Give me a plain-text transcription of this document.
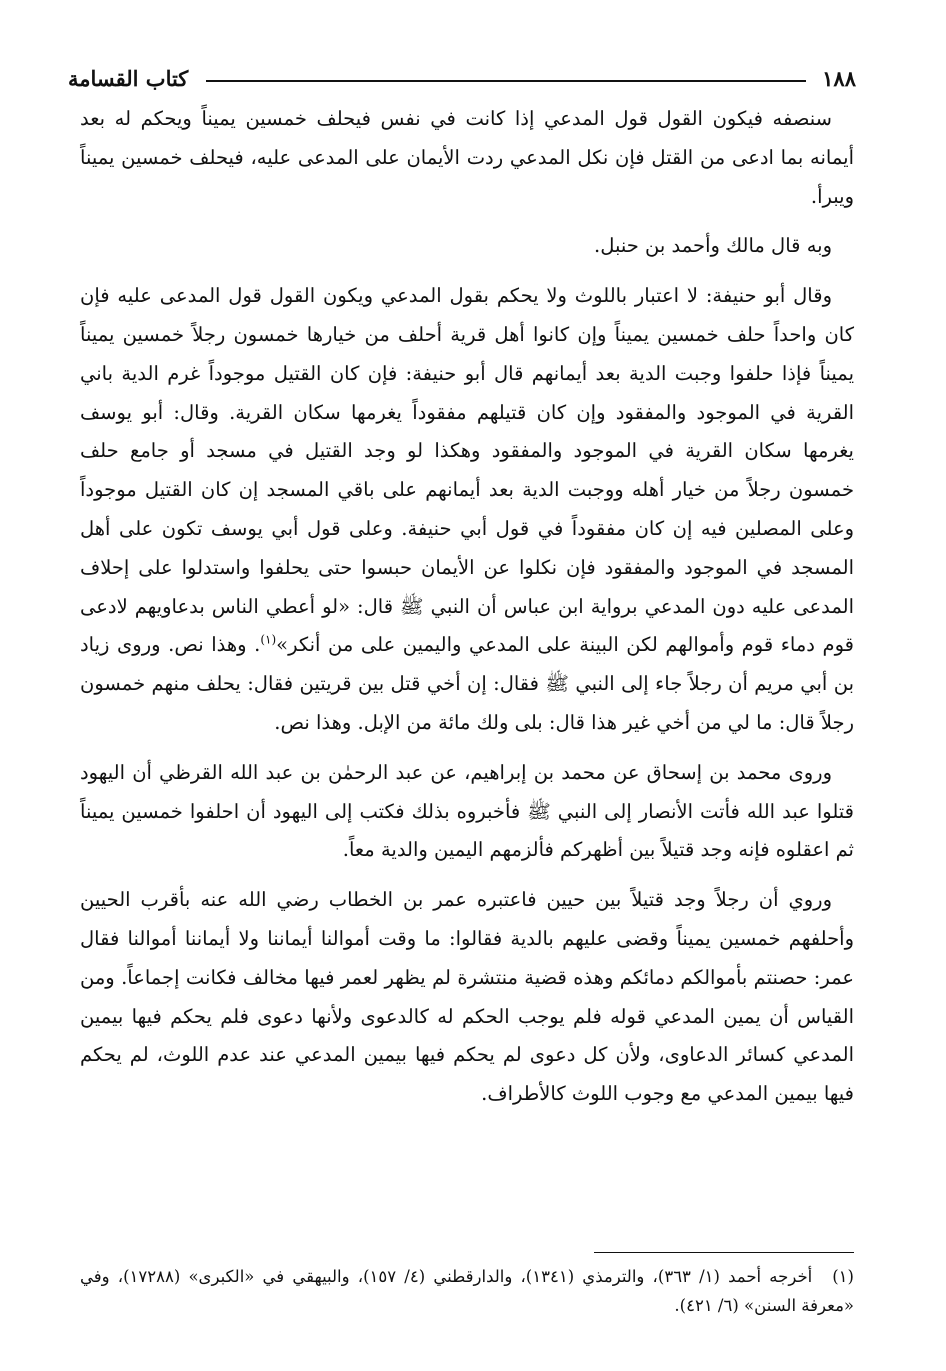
١٨٨
كتاب القسامة

سنصفه فيكون القول قول المدعي إذا كانت في نفس فيحلف خمسين يميناً ويحكم له بعد أيمانه بما ادعى من القتل فإن نكل المدعي ردت الأيمان على المدعى عليه، فيحلف خمسين يميناً ويبرأ.

وبه قال مالك وأحمد بن حنبل.

وقال أبو حنيفة: لا اعتبار باللوث ولا يحكم بقول المدعي ويكون القول قول المدعى عليه فإن كان واحداً حلف خمسين يميناً وإن كانوا أهل قرية أحلف من خيارها خمسون رجلاً خمسين يميناً يميناً فإذا حلفوا وجبت الدية بعد أيمانهم قال أبو حنيفة: فإن كان القتيل موجوداً غرم الدية باني القرية في الموجود والمفقود وإن كان قتيلهم مفقوداً يغرمها سكان القرية. وقال: أبو يوسف يغرمها سكان القرية في الموجود والمفقود وهكذا لو وجد القتيل في مسجد أو جامع حلف خمسون رجلاً من خيار أهله ووجبت الدية بعد أيمانهم على باقي المسجد إن كان القتيل موجوداً وعلى المصلين فيه إن كان مفقوداً في قول أبي حنيفة. وعلى قول أبي يوسف تكون على أهل المسجد في الموجود والمفقود فإن نكلوا عن الأيمان حبسوا حتى يحلفوا واستدلوا على إحلاف المدعى عليه دون المدعي برواية ابن عباس أن النبي ﷺ قال: «لو أعطي الناس بدعاويهم لادعى قوم دماء قوم وأموالهم لكن البينة على المدعي واليمين على من أنكر»$^{(١)}$. وهذا نص. وروى زياد بن أبي مريم أن رجلاً جاء إلى النبي ﷺ فقال: إن أخي قتل بين قريتين فقال: يحلف منهم خمسون رجلاً قال: ما لي من أخي غير هذا قال: بلى ولك مائة من الإبل. وهذا نص.

وروى محمد بن إسحاق عن محمد بن إبراهيم، عن عبد الرحمٰن بن عبد الله القرظي أن اليهود قتلوا عبد الله فأتت الأنصار إلى النبي ﷺ فأخبروه بذلك فكتب إلى اليهود أن احلفوا خمسين يميناً ثم اعقلوه فإنه وجد قتيلاً بين أظهركم فألزمهم اليمين والدية معاً.

وروي أن رجلاً وجد قتيلاً بين حيين فاعتبره عمر بن الخطاب رضي الله عنه بأقرب الحيين وأحلفهم خمسين يميناً وقضى عليهم بالدية فقالوا: ما وقت أموالنا أيماننا ولا أيماننا أموالنا فقال عمر: حصنتم بأموالكم دمائكم وهذه قضية منتشرة لم يظهر لعمر فيها مخالف فكانت إجماعاً. ومن القياس أن يمين المدعي قوله فلم يوجب الحكم له كالدعوى ولأنها دعوى فلم يحكم فيها بيمين المدعي كسائر الدعاوى، ولأن كل دعوى لم يحكم فيها بيمين المدعي عند عدم اللوث، لم يحكم فيها بيمين المدعي مع وجوب اللوث كالأطراف.

(١)أخرجه أحمد (١/ ٣٦٣)، والترمذي (١٣٤١)، والدارقطني (٤/ ١٥٧)، والبيهقي في «الكبرى» (١٧٢٨٨)، وفي «معرفة السنن» (٦/ ٤٢١).
